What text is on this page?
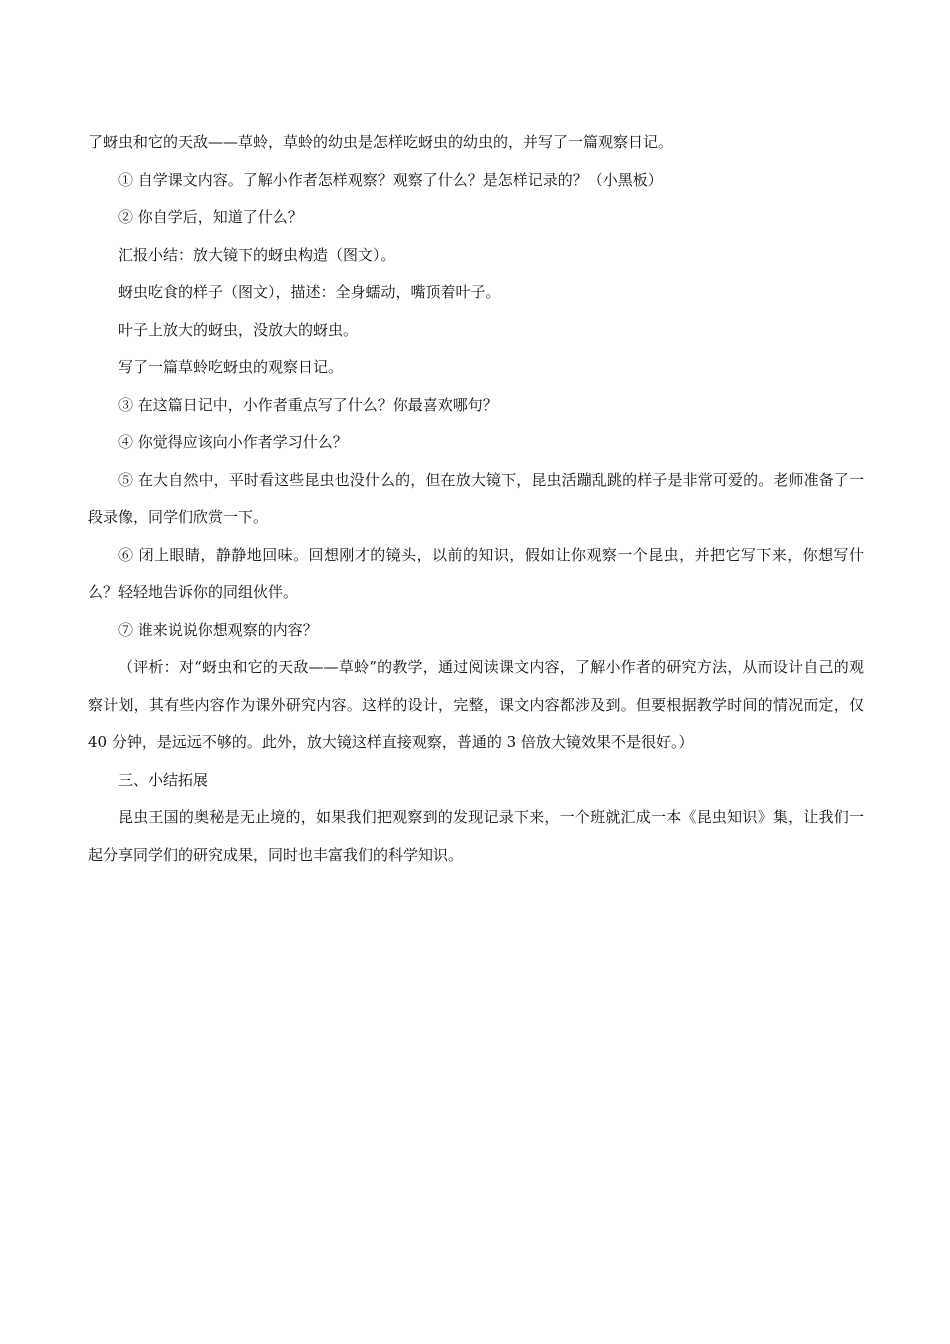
了蚜虫和它的天敌——草蛉，草蛉的幼虫是怎样吃蚜虫的幼虫的，并写了一篇观察日记。

① 自学课文内容。了解小作者怎样观察？观察了什么？是怎样记录的？（小黑板）

② 你自学后，知道了什么？

汇报小结：放大镜下的蚜虫构造（图文）。

蚜虫吃食的样子（图文），描述：全身蠕动，嘴顶着叶子。

叶子上放大的蚜虫，没放大的蚜虫。

写了一篇草蛉吃蚜虫的观察日记。

③ 在这篇日记中，小作者重点写了什么？你最喜欢哪句？

④ 你觉得应该向小作者学习什么？

⑤ 在大自然中，平时看这些昆虫也没什么的，但在放大镜下，昆虫活蹦乱跳的样子是非常可爱的。老师准备了一段录像，同学们欣赏一下。

⑥ 闭上眼睛，静静地回味。回想刚才的镜头，以前的知识，假如让你观察一个昆虫，并把它写下来，你想写什么？轻轻地告诉你的同组伙伴。

⑦ 谁来说说你想观察的内容？

（评析：对“蚜虫和它的天敌——草蛉”的教学，通过阅读课文内容，了解小作者的研究方法，从而设计自己的观察计划，其有些内容作为课外研究内容。这样的设计，完整，课文内容都涉及到。但要根据教学时间的情况而定，仅 40 分钟，是远远不够的。此外，放大镜这样直接观察，普通的 3 倍放大镜效果不是很好。）

三、小结拓展

昆虫王国的奥秘是无止境的，如果我们把观察到的发现记录下来，一个班就汇成一本《昆虫知识》集，让我们一起分享同学们的研究成果，同时也丰富我们的科学知识。
